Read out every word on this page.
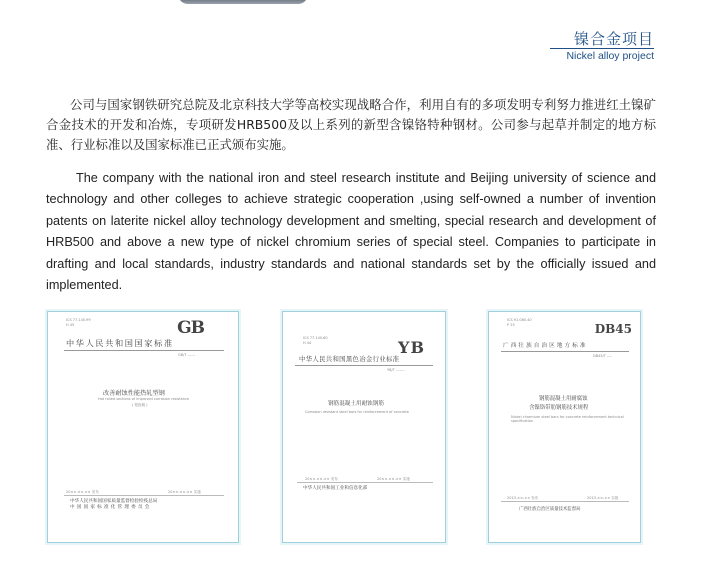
镍合金项目
Nickel alloy project

公司与国家钢铁研究总院及北京科技大学等高校实现战略合作，利用自有的多项发明专利努力推进红土镍矿合金技术的开发和冶炼，专项研发HRB500及以上系列的新型含镍铬特种钢材。公司参与起草并制定的地方标准、行业标准以及国家标准已正式颁布实施。

The company with the national iron and steel research institute and Beijing university of science and technology and other colleges to achieve strategic cooperation ,using self-owned a number of invention patents on laterite nickel alloy technology development and smelting, special research and development of HRB500 and above a new type of nickel chromium series of special steel. Companies to participate in drafting and local standards, industry standards and national standards set by the officially issued and implemented.

ICS 77.140.99
H 45	GB
中华人民共和国国家标准
GB/T ------
改善耐蚀性能热轧型钢
Hot rolled sections of improved corrosion resistance
( 报批稿 )
20××-××-×× 发布	20××-××-×× 实施
中华人民共和国国家质量监督检验检疫总局
中国国家标准化管理委员会
ICS 77.140.60
H 44	YB
中华人民共和国黑色冶金行业标准
YB/T -------
钢筋混凝土用耐蚀钢筋
Corrosion resistant steel bars for reinforcement of concrete
20××-××-×× 发布	20××-××-×× 实施
中华人民共和国工业和信息化部
ICS 91.080.40
P 25	DB45
广西壮族自治区地方标准
DB45/T ----
钢筋混凝土用耐腐蚀
含镍铬带肋钢筋技术规程
Nickel chromium steel bars for concrete reinforcement technical specification
2013-××-×× 发布	2013-××-×× 实施
广西壮族自治区质量技术监督局
